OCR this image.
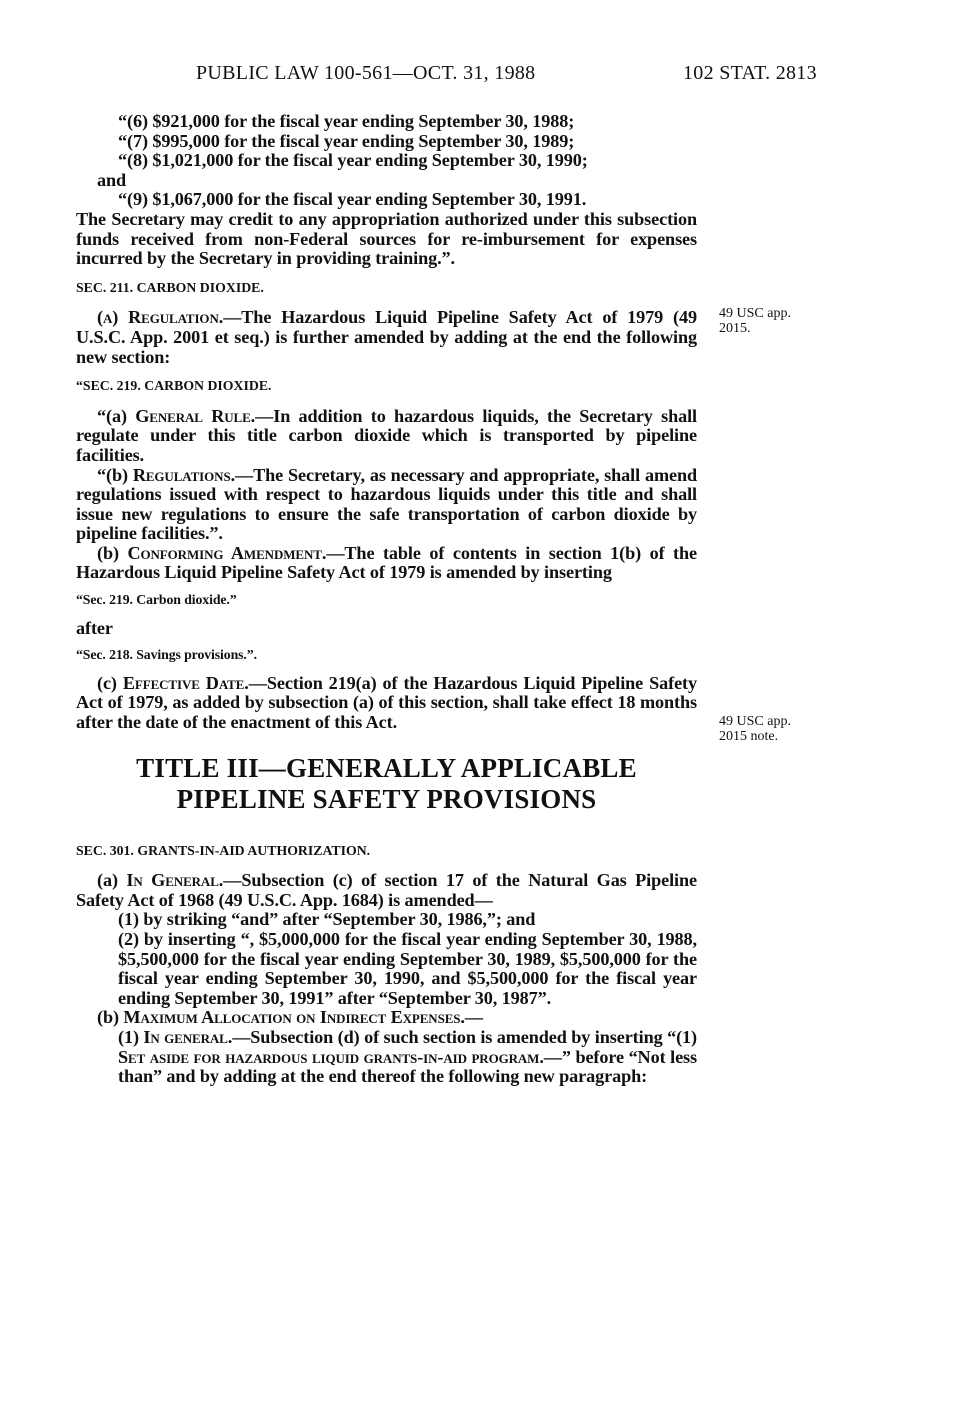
PUBLIC LAW 100-561—OCT. 31, 1988	102 STAT. 2813
49 USC app.
2015.
49 USC app.
2015 note.

“(6) $921,000 for the fiscal year ending September 30, 1988;

“(7) $995,000 for the fiscal year ending September 30, 1989;

“(8) $1,021,000 for the fiscal year ending September 30, 1990;

and

“(9) $1,067,000 for the fiscal year ending September 30, 1991.

The Secretary may credit to any appropriation authorized under this subsection funds received from non-Federal sources for re-imbursement for expenses incurred by the Secretary in providing training.”.

SEC. 211. CARBON DIOXIDE.

(a) Regulation.—The Hazardous Liquid Pipeline Safety Act of 1979 (49 U.S.C. App. 2001 et seq.) is further amended by adding at the end the following new section:

“SEC. 219. CARBON DIOXIDE.

“(a) General Rule.—In addition to hazardous liquids, the Secretary shall regulate under this title carbon dioxide which is transported by pipeline facilities.

“(b) Regulations.—The Secretary, as necessary and appropriate, shall amend regulations issued with respect to hazardous liquids under this title and shall issue new regulations to ensure the safe transportation of carbon dioxide by pipeline facilities.”.

(b) Conforming Amendment.—The table of contents in section 1(b) of the Hazardous Liquid Pipeline Safety Act of 1979 is amended by inserting

“Sec. 219. Carbon dioxide.”

after

“Sec. 218. Savings provisions.”.

(c) Effective Date.—Section 219(a) of the Hazardous Liquid Pipeline Safety Act of 1979, as added by subsection (a) of this section, shall take effect 18 months after the date of the enactment of this Act.

TITLE III—GENERALLY APPLICABLE
PIPELINE SAFETY PROVISIONS

SEC. 301. GRANTS-IN-AID AUTHORIZATION.

(a) In General.—Subsection (c) of section 17 of the Natural Gas Pipeline Safety Act of 1968 (49 U.S.C. App. 1684) is amended—

(1) by striking “and” after “September 30, 1986,”; and

(2) by inserting “, $5,000,000 for the fiscal year ending September 30, 1988, $5,500,000 for the fiscal year ending September 30, 1989, $5,500,000 for the fiscal year ending September 30, 1990, and $5,500,000 for the fiscal year ending September 30, 1991” after “September 30, 1987”.

(b) Maximum Allocation on Indirect Expenses.—

(1) In general.—Subsection (d) of such section is amended by inserting “(1) Set aside for hazardous liquid grants-in-aid program.—” before “Not less than” and by adding at the end thereof the following new paragraph:
